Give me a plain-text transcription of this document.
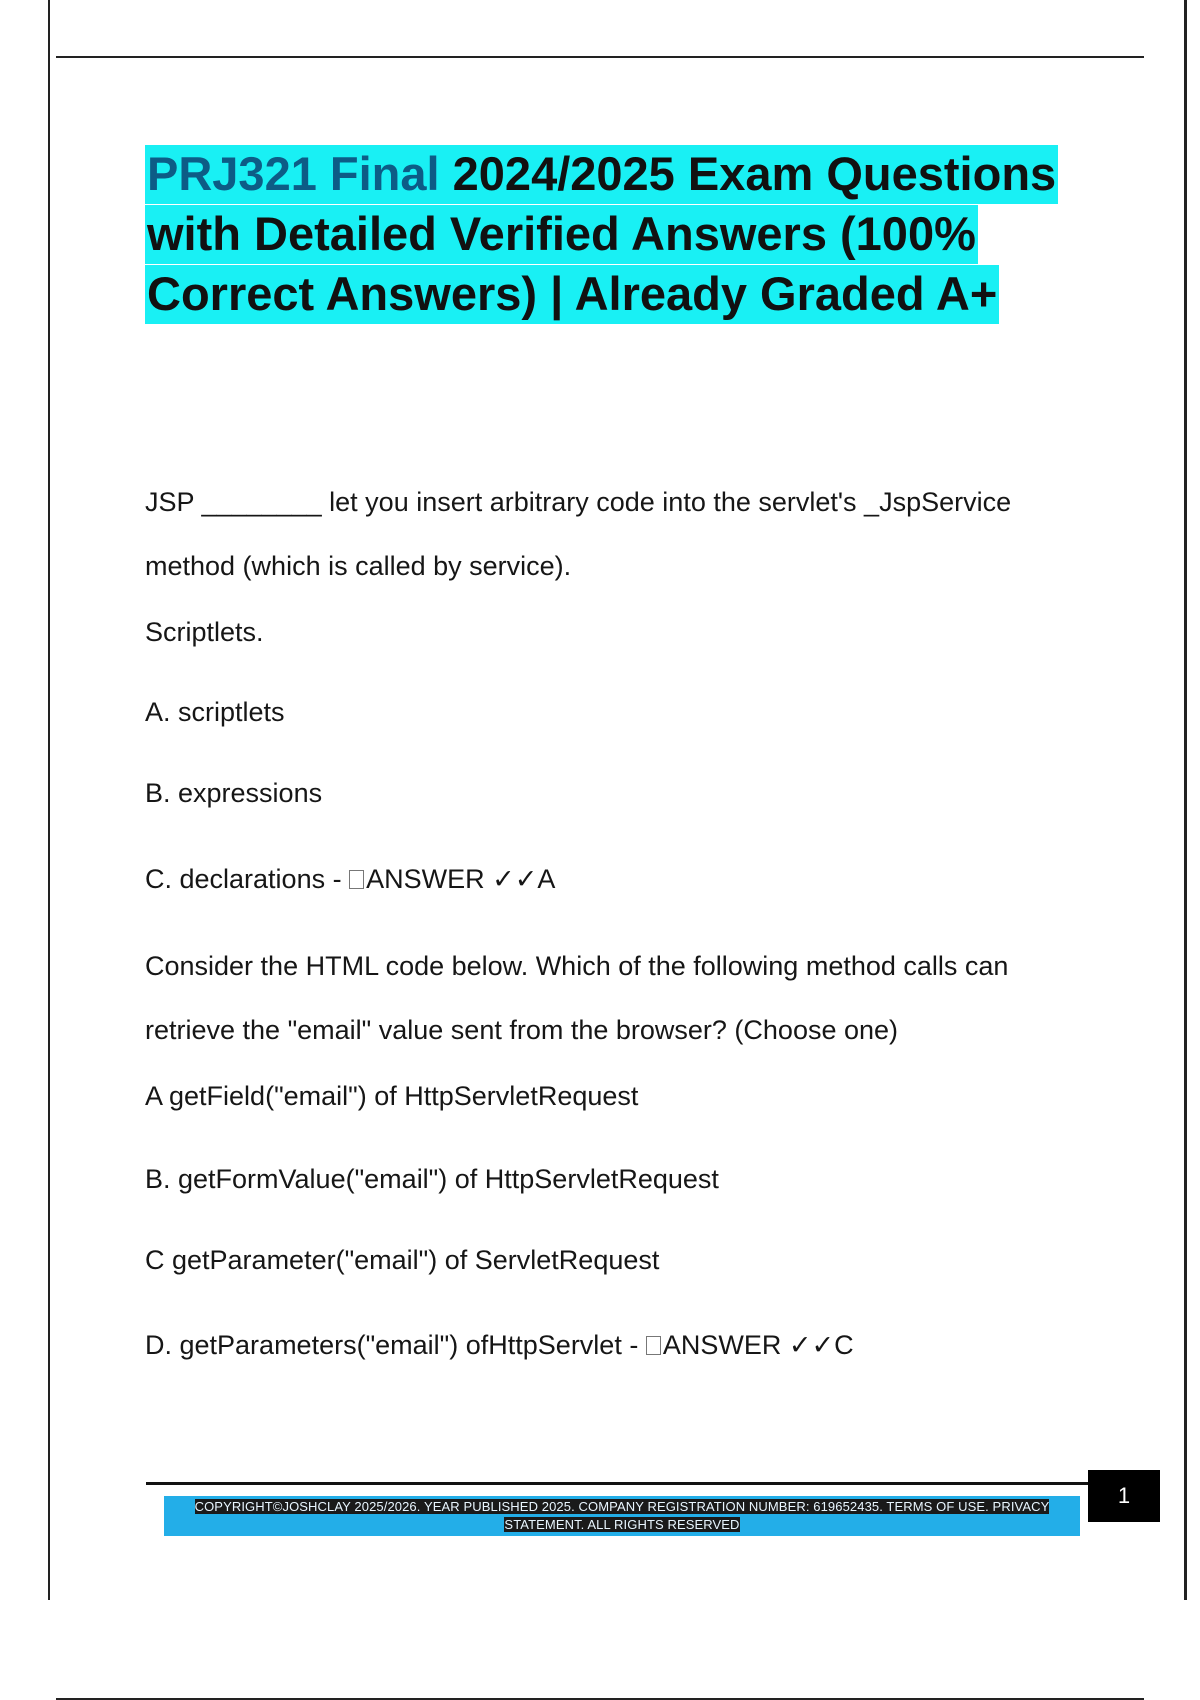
PRJ321 Final 2024/2025 Exam Questions with Detailed Verified Answers (100% Correct Answers) | Already Graded A+

JSP ________ let you insert arbitrary code into the servlet's _JspService method (which is called by service).

Scriptlets.

A. scriptlets

B. expressions

C. declarations - ANSWER ✓✓A

Consider the HTML code below. Which of the following method calls can retrieve the "email" value sent from the browser? (Choose one)

A getField("email") of HttpServletRequest

B. getFormValue("email") of HttpServletRequest

C getParameter("email") of ServletRequest

D. getParameters("email") ofHttpServlet - ANSWER ✓✓C

1
COPYRIGHT©JOSHCLAY 2025/2026. YEAR PUBLISHED 2025. COMPANY REGISTRATION NUMBER: 619652435. TERMS OF USE. PRIVACY STATEMENT. ALL RIGHTS RESERVED
